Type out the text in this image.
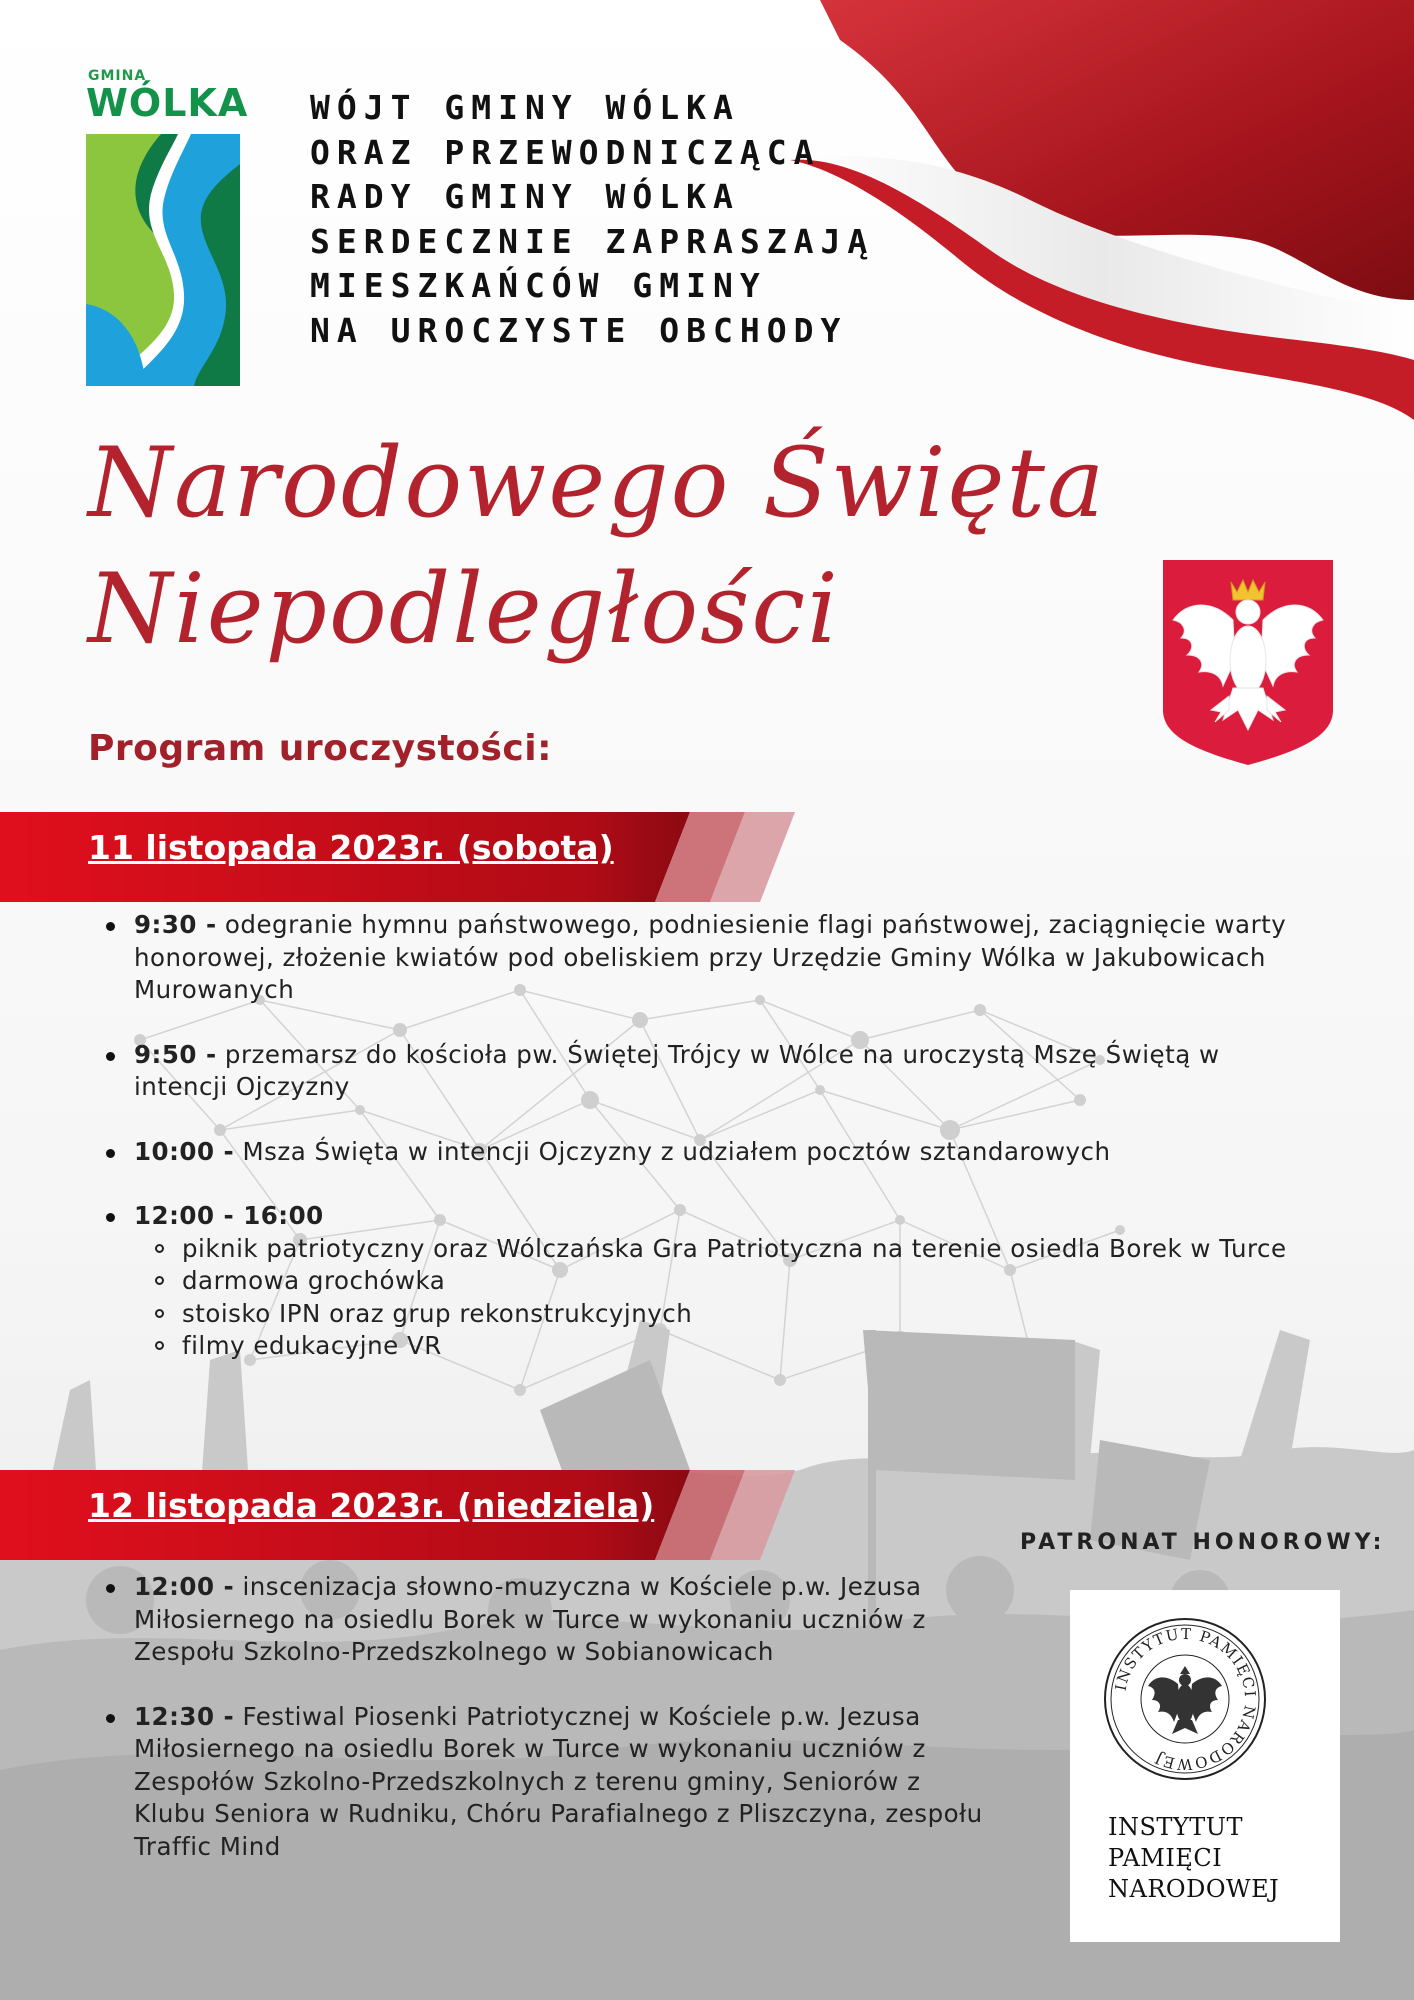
GMINA
WÓLKA WÓJT GMINY WÓLKA
ORAZ PRZEWODNICZĄCA
RADY GMINY WÓLKA
SERDECZNIE ZAPRASZAJĄ
MIESZKAŃCÓW GMINY
NA UROCZYSTE OBCHODY
Narodowego Święta
Niepodległości
Program uroczystości:
11 listopada 2023r. (sobota)

9:30 - odegranie hymnu państwowego, podniesienie flagi państwowej, zaciągnięcie warty honorowej, złożenie kwiatów pod obeliskiem przy Urzędzie Gminy Wólka w Jakubowicach Murowanych

9:50 - przemarsz do kościoła pw. Świętej Trójcy w Wólce na uroczystą Mszę Świętą w intencji Ojczyzny

10:00 - Msza Święta w intencji Ojczyzny z udziałem pocztów sztandarowych

12:00 - 16:00

piknik patriotyczny oraz Wólczańska Gra Patriotyczna na terenie osiedla Borek w Turce
darmowa grochówka
stoisko IPN oraz grup rekonstrukcyjnych
filmy edukacyjne VR
12 listopada 2023r. (niedziela)

12:00 - inscenizacja słowno-muzyczna w Kościele p.w. Jezusa Miłosiernego na osiedlu Borek w Turce w wykonaniu uczniów z Zespołu Szkolno-Przedszkolnego w Sobianowicach

12:30 - Festiwal Piosenki Patriotycznej w Kościele p.w. Jezusa Miłosiernego na osiedlu Borek w Turce w wykonaniu uczniów z Zespołów Szkolno-Przedszkolnych z terenu gminy, Seniorów z Klubu Seniora w Rudniku, Chóru Parafialnego z Pliszczyna, zespołu Traffic Mind

PATRONAT HONOROWY:
INSTYTUT PAMIĘCI NARODOWEJ
INSTYTUT
PAMIĘCI
NARODOWEJ
